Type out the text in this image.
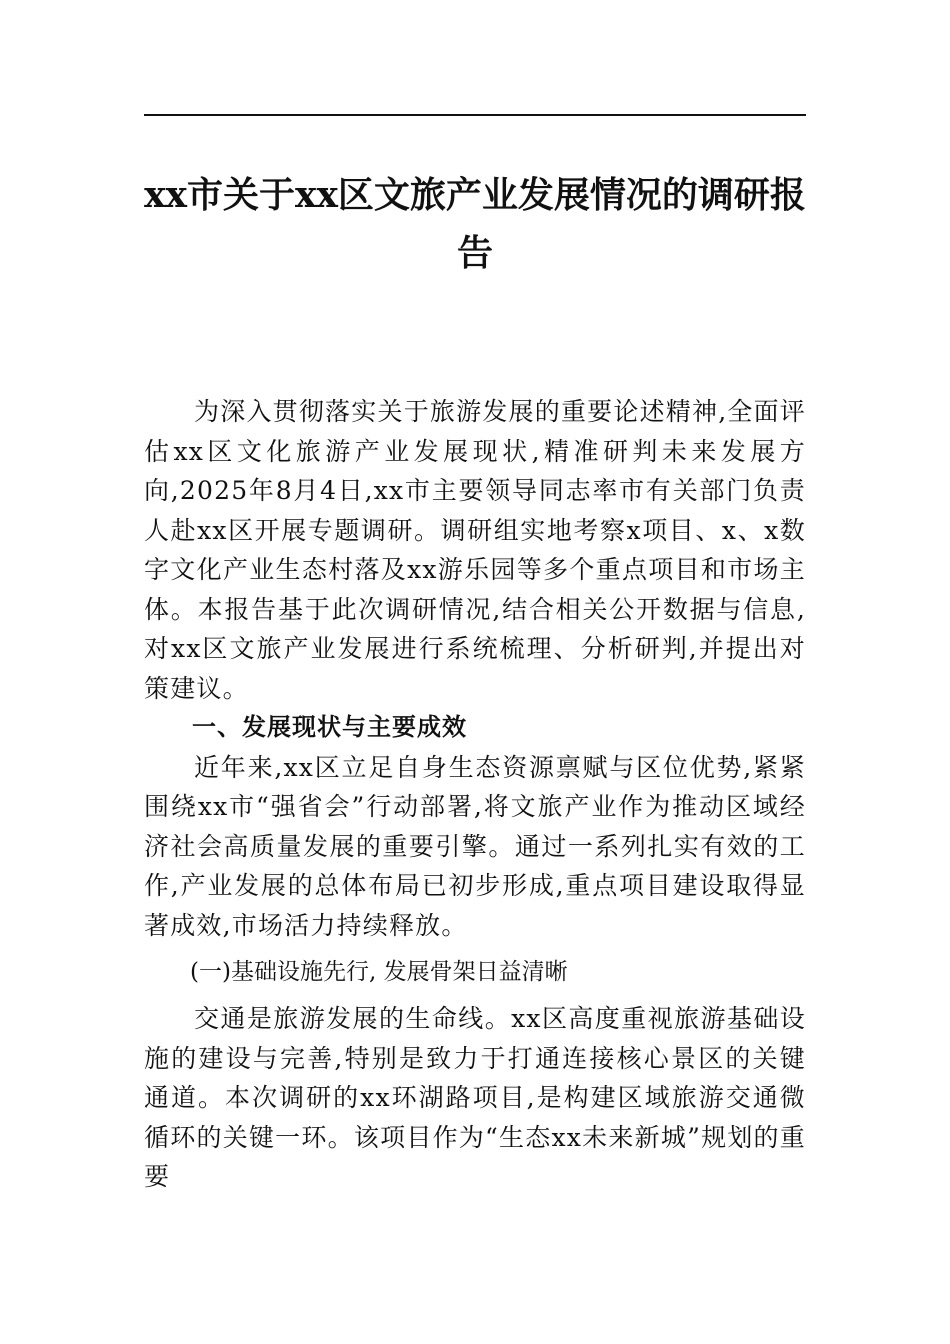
xx市关于xx区文旅产业发展情况的调研报告

为深入贯彻落实关于旅游发展的重要论述精神,全面评估xx区文化旅游产业发展现状,精准研判未来发展方向,2025年8月4日,xx市主要领导同志率市有关部门负责人赴xx区开展专题调研。调研组实地考察x项目、x、x数字文化产业生态村落及xx游乐园等多个重点项目和市场主体。本报告基于此次调研情况,结合相关公开数据与信息,对xx区文旅产业发展进行系统梳理、分析研判,并提出对策建议。

一、发展现状与主要成效

近年来,xx区立足自身生态资源禀赋与区位优势,紧紧围绕xx市“强省会”行动部署,将文旅产业作为推动区域经济社会高质量发展的重要引擎。通过一系列扎实有效的工作,产业发展的总体布局已初步形成,重点项目建设取得显著成效,市场活力持续释放。

(一)基础设施先行, 发展骨架日益清晰

交通是旅游发展的生命线。xx区高度重视旅游基础设施的建设与完善,特别是致力于打通连接核心景区的关键通道。本次调研的xx环湖路项目,是构建区域旅游交通微循环的关键一环。该项目作为“生态xx未来新城”规划的重要
